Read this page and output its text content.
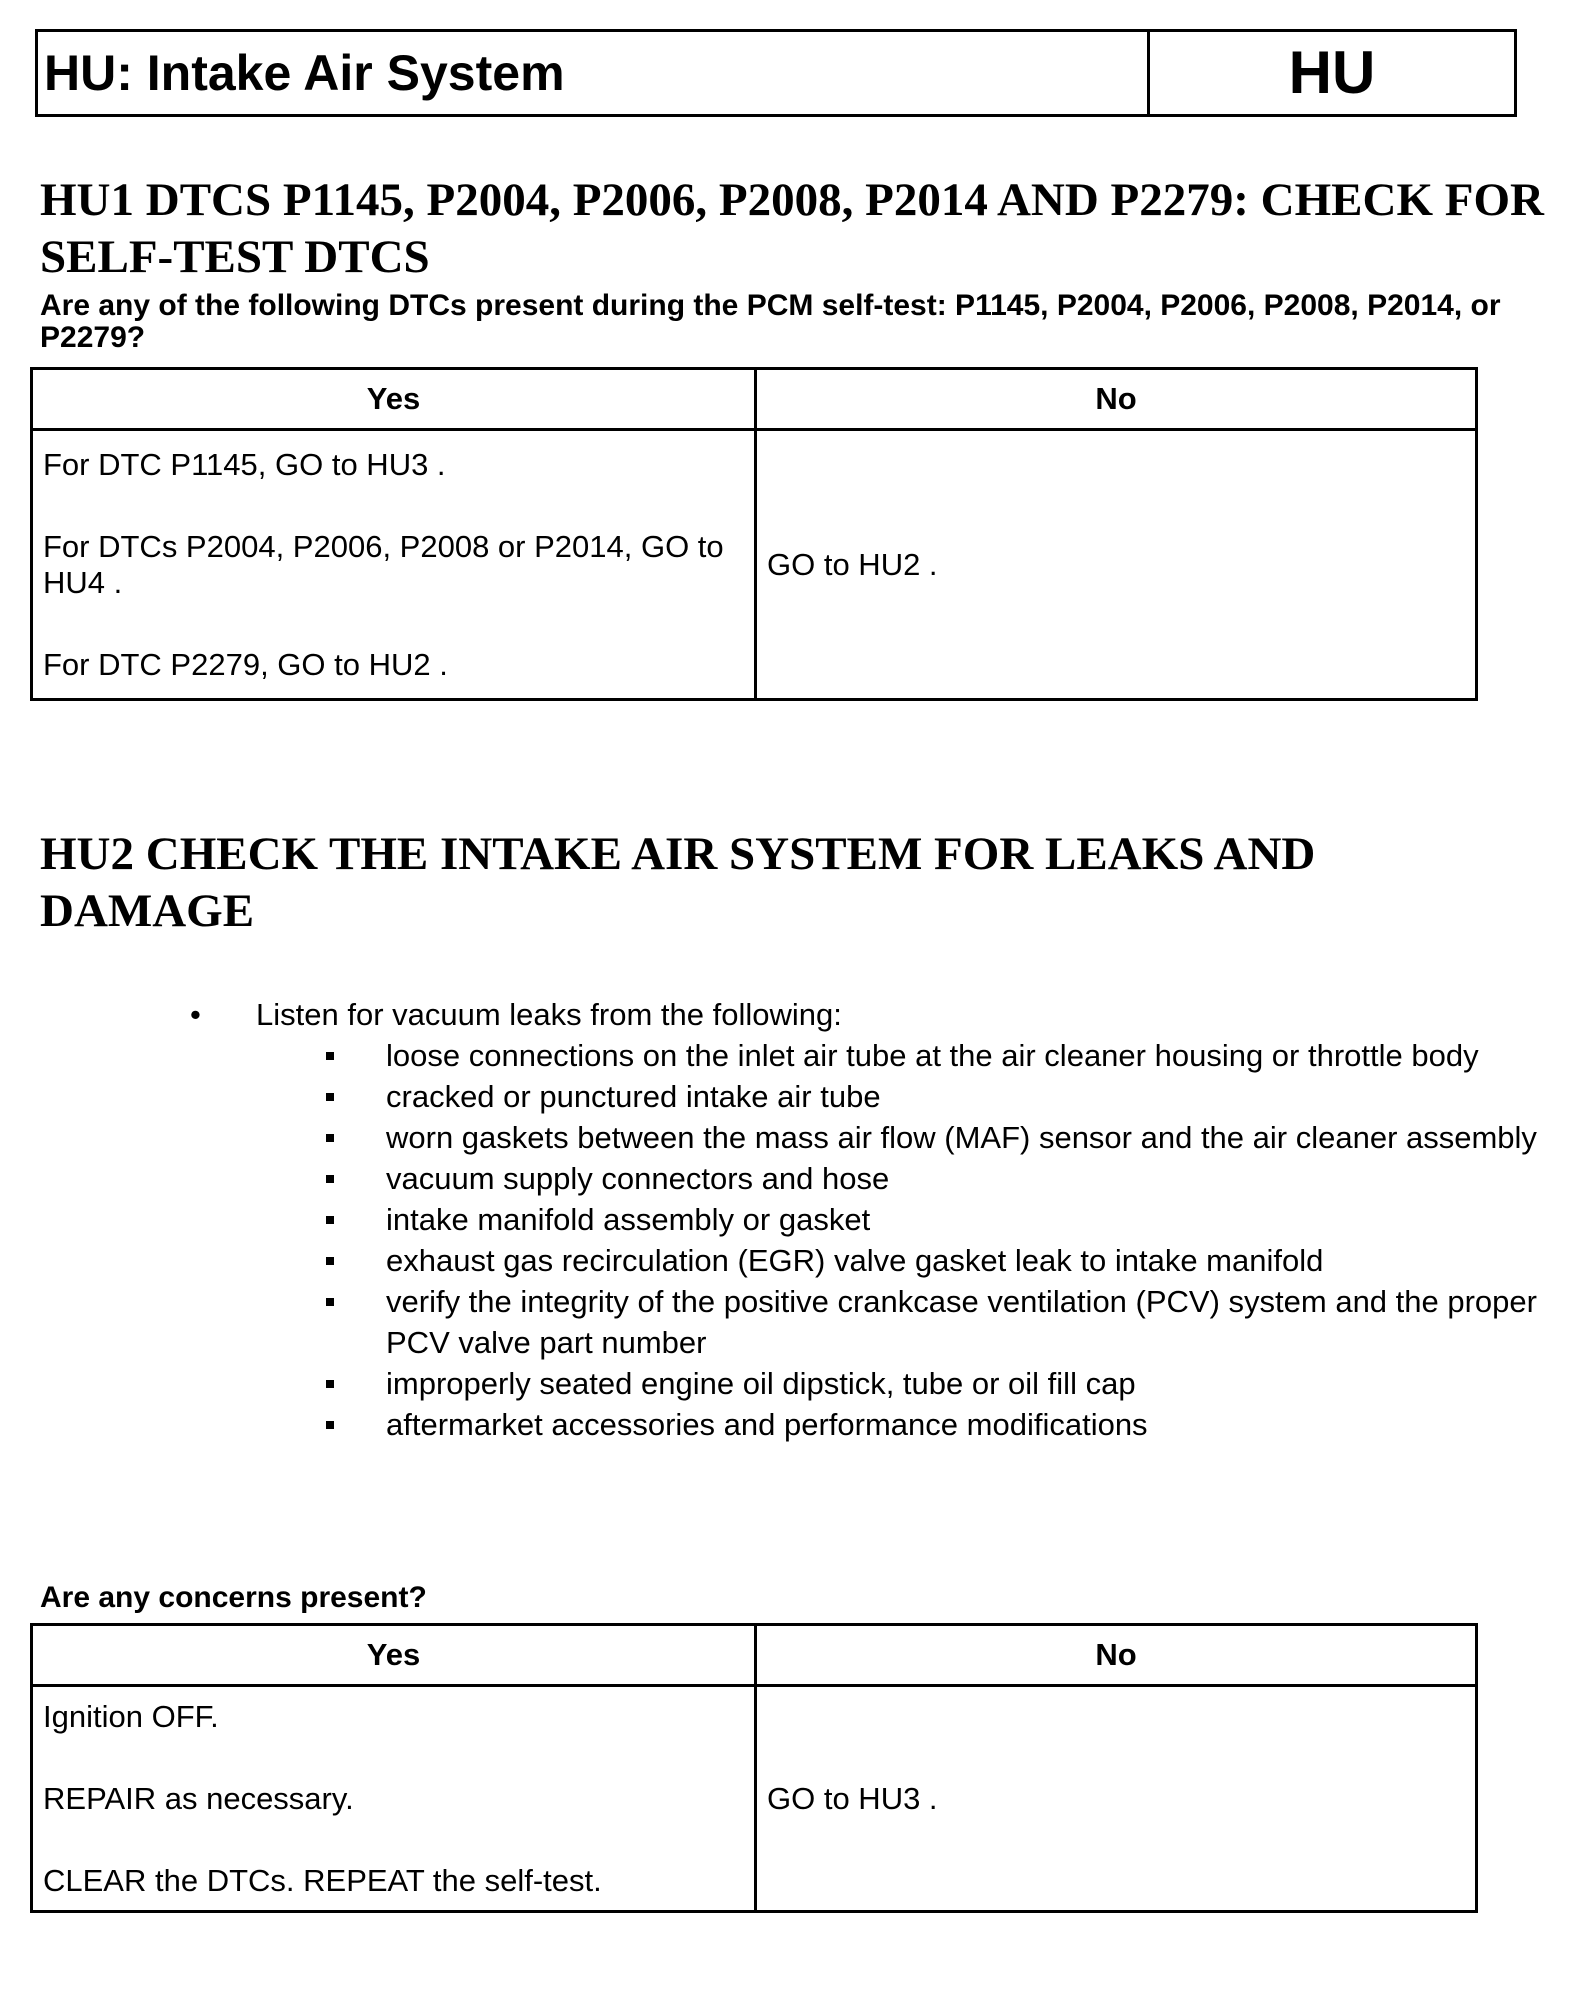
HU: Intake Air System	HU
HU1 DTCS P1145, P2004, P2006, P2008, P2014 AND P2279: CHECK FOR SELF-TEST DTCS

Are any of the following DTCs present during the PCM self-test: P1145, P2004, P2006, P2008, P2014, or P2279?

Yes	No

For DTC P1145, GO to HU3 .

For DTCs P2004, P2006, P2008 or P2014, GO to HU4 .

For DTC P2279, GO to HU2 .	GO to HU2 .
HU2 CHECK THE INTAKE AIR SYSTEM FOR LEAKS AND DAMAGE
• Listen for vacuum leaks from the following:
loose connections on the inlet air tube at the air cleaner housing or throttle body
cracked or punctured intake air tube
worn gaskets between the mass air flow (MAF) sensor and the air cleaner assembly
vacuum supply connectors and hose
intake manifold assembly or gasket
exhaust gas recirculation (EGR) valve gasket leak to intake manifold
verify the integrity of the positive crankcase ventilation (PCV) system and the proper PCV valve part number
improperly seated engine oil dipstick, tube or oil fill cap
aftermarket accessories and performance modifications

Are any concerns present?

Yes	No

Ignition OFF.

REPAIR as necessary.

CLEAR the DTCs. REPEAT the self-test.	GO to HU3 .
